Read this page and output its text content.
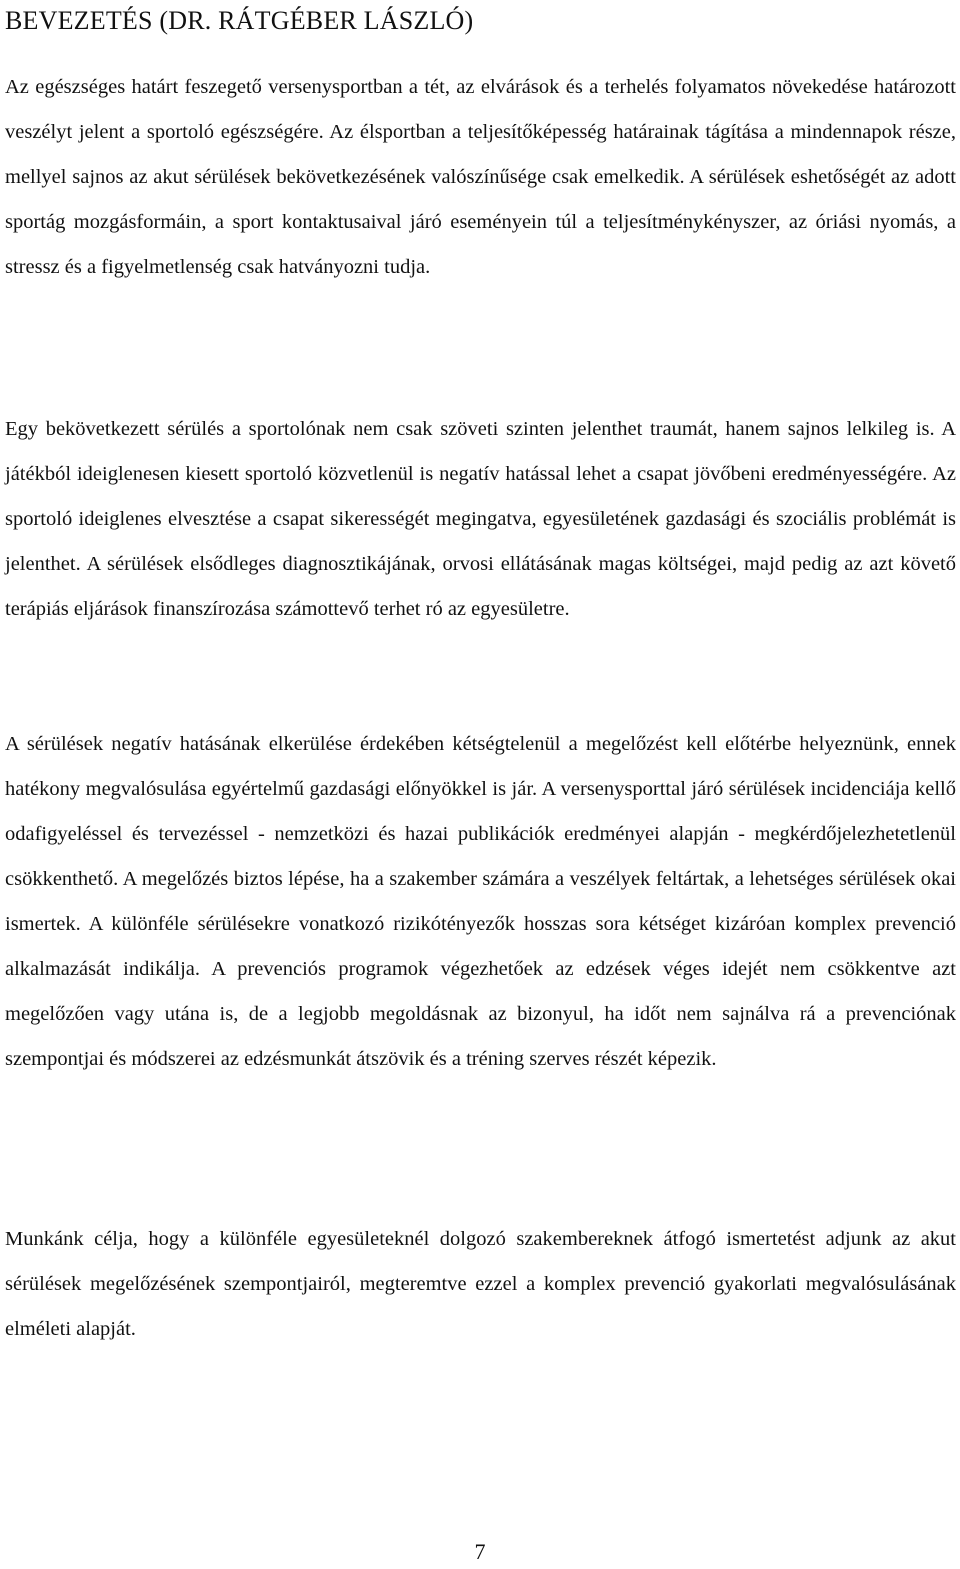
BEVEZETÉS (DR. RÁTGÉBER LÁSZLÓ)

Az egészséges határt feszegető versenysportban a tét, az elvárások és a terhelés folyamatos növekedése határozott veszélyt jelent a sportoló egészségére. Az élsportban a teljesítőképesség határainak tágítása a mindennapok része, mellyel sajnos az akut sérülések bekövetkezésének valószínűsége csak emelkedik. A sérülések eshetőségét az adott sportág mozgásformáin, a sport kontaktusaival járó eseményein túl a teljesítménykényszer, az óriási nyomás, a stressz és a figyelmetlenség csak hatványozni tudja.

Egy bekövetkezett sérülés a sportolónak nem csak szöveti szinten jelenthet traumát, hanem sajnos lelkileg is. A játékból ideiglenesen kiesett sportoló közvetlenül is negatív hatással lehet a csapat jövőbeni eredményességére. Az sportoló ideiglenes elvesztése a csapat sikerességét megingatva, egyesületének gazdasági és szociális problémát is jelenthet. A sérülések elsődleges diagnosztikájának, orvosi ellátásának magas költségei, majd pedig az azt követő terápiás eljárások finanszírozása számottevő terhet ró az egyesületre.

A sérülések negatív hatásának elkerülése érdekében kétségtelenül a megelőzést kell előtérbe helyeznünk, ennek hatékony megvalósulása egyértelmű gazdasági előnyökkel is jár. A versenysporttal járó sérülések incidenciája kellő odafigyeléssel és tervezéssel - nemzetközi és hazai publikációk eredményei alapján - megkérdőjelezhetetlenül csökkenthető. A megelőzés biztos lépése, ha a szakember számára a veszélyek feltártak, a lehetséges sérülések okai ismertek. A különféle sérülésekre vonatkozó rizikótényezők hosszas sora kétséget kizáróan komplex prevenció alkalmazását indikálja. A prevenciós programok végezhetőek az edzések véges idejét nem csökkentve azt megelőzően vagy utána is, de a legjobb megoldásnak az bizonyul, ha időt nem sajnálva rá a prevenciónak szempontjai és módszerei az edzésmunkát átszövik és a tréning szerves részét képezik.

Munkánk célja, hogy a különféle egyesületeknél dolgozó szakembereknek átfogó ismertetést adjunk az akut sérülések megelőzésének szempontjairól, megteremtve ezzel a komplex prevenció gyakorlati megvalósulásának elméleti alapját.

7
